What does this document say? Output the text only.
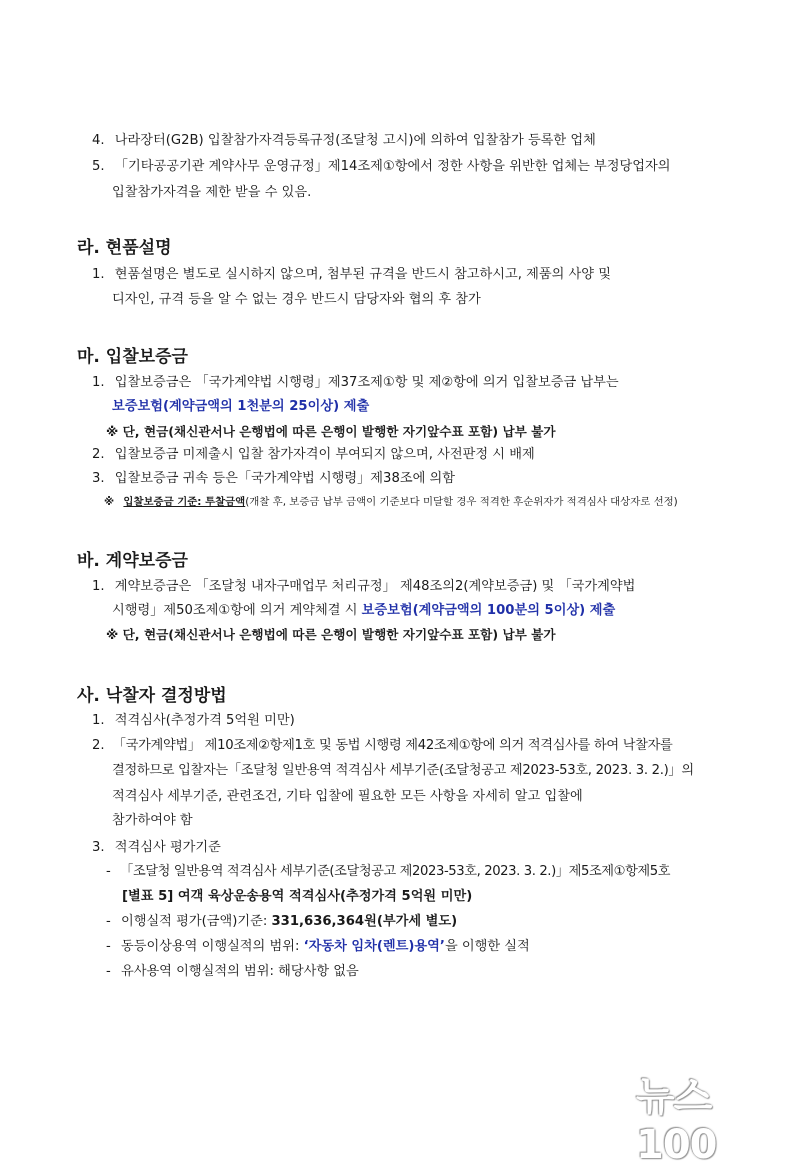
4. 나라장터(G2B) 입찰참가자격등록규정(조달청 고시)에 의하여 입찰참가 등록한 업체
5. 「기타공공기관 계약사무 운영규정」제14조제①항에서 정한 사항을 위반한 업체는 부정당업자의
입찰참가자격을 제한 받을 수 있음.
라. 현품설명
1. 현품설명은 별도로 실시하지 않으며, 첨부된 규격을 반드시 참고하시고, 제품의 사양 및
디자인, 규격 등을 알 수 없는 경우 반드시 담당자와 협의 후 참가
마. 입찰보증금
1. 입찰보증금은 「국가계약법 시행령」제37조제①항 및 제②항에 의거 입찰보증금 납부는
보증보험(계약금액의 1천분의 25이상) 제출
※ 단, 현금(채신관서나 은행법에 따른 은행이 발행한 자기앞수표 포함) 납부 불가
2. 입찰보증금 미제출시 입찰 참가자격이 부여되지 않으며, 사전판정 시 배제
3. 입찰보증금 귀속 등은「국가계약법 시행령」제38조에 의함
※ 입찰보증금 기준: 투찰금액(개찰 후, 보증금 납부 금액이 기준보다 미달할 경우 적격한 후순위자가 적격심사 대상자로 선정)
바. 계약보증금
1. 계약보증금은 「조달청 내자구매업무 처리규정」 제48조의2(계약보증금) 및 「국가계약법
시행령」제50조제①항에 의거 계약체결 시 보증보험(계약금액의 100분의 5이상) 제출
※ 단, 현금(채신관서나 은행법에 따른 은행이 발행한 자기앞수표 포함) 납부 불가
사. 낙찰자 결정방법
1. 적격심사(추정가격 5억원 미만)
2. 「국가계약법」 제10조제②항제1호 및 동법 시행령 제42조제①항에 의거 적격심사를 하여 낙찰자를
결정하므로 입찰자는「조달청 일반용역 적격심사 세부기준(조달청공고 제2023-53호, 2023. 3. 2.)」의
적격심사 세부기준, 관련조건, 기타 입찰에 필요한 모든 사항을 자세히 알고 입찰에
참가하여야 함
3. 적격심사 평가기준
- 「조달청 일반용역 적격심사 세부기준(조달청공고 제2023-53호, 2023. 3. 2.)」제5조제①항제5호
[별표 5] 여객 육상운송용역 적격심사(추정가격 5억원 미만)
- 이행실적 평가(금액)기준: 331,636,364원(부가세 별도)
- 동등이상용역 이행실적의 범위: ‘자동차 임차(렌트)용역’을 이행한 실적
- 유사용역 이행실적의 범위: 해당사항 없음
뉴스100
